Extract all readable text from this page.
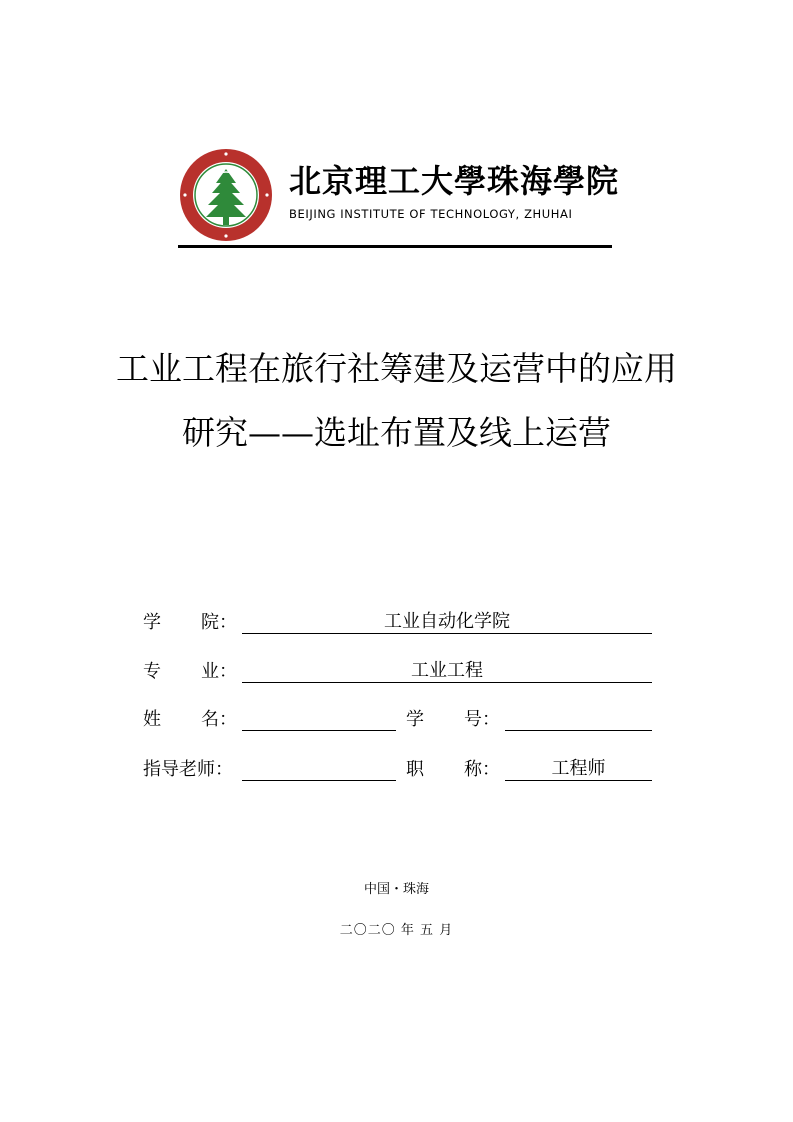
北京理工大學珠海學院
BEIJING INSTITUTE OF TECHNOLOGY, ZHUHAI
工业工程在旅行社筹建及运营中的应用
研究——选址布置及线上运营
学 院：	工业自动化学院
专 业：	工业工程
姓 名：	学 号：
指导老师：	职 称：	工程师
中国・珠海
二〇二〇 年 五 月
